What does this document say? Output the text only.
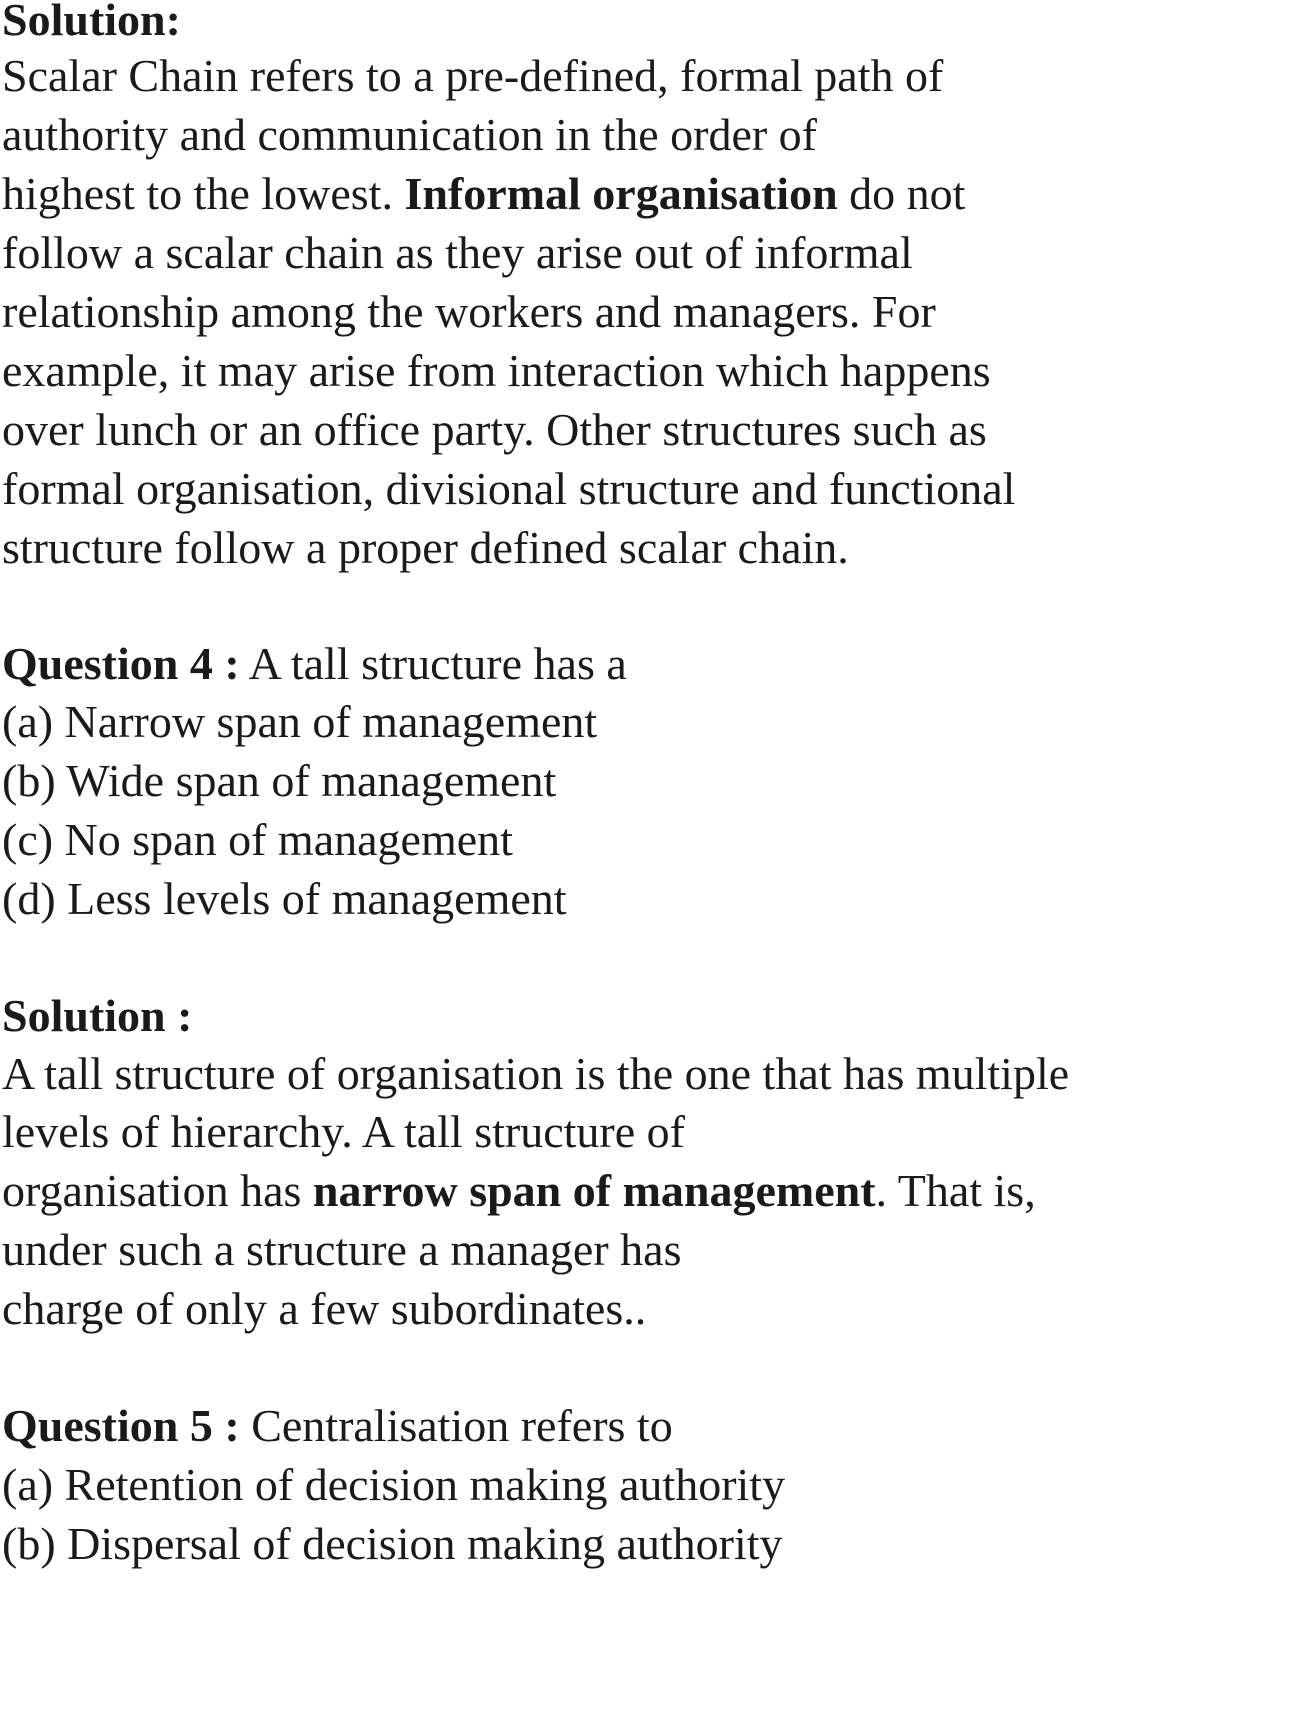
Solution:
Scalar Chain refers to a pre-defined, formal path of
authority and communication in the order of
highest to the lowest. Informal organisation do not
follow a scalar chain as they arise out of informal
relationship among the workers and managers. For
example, it may arise from interaction which happens
over lunch or an office party. Other structures such as
formal organisation, divisional structure and functional
structure follow a proper defined scalar chain.
Question 4 : A tall structure has a
(a) Narrow span of management
(b) Wide span of management
(c) No span of management
(d) Less levels of management
Solution :
A tall structure of organisation is the one that has multiple
levels of hierarchy. A tall structure of
organisation has narrow span of management. That is,
under such a structure a manager has
charge of only a few subordinates..
Question 5 : Centralisation refers to
(a) Retention of decision making authority
(b) Dispersal of decision making authority
